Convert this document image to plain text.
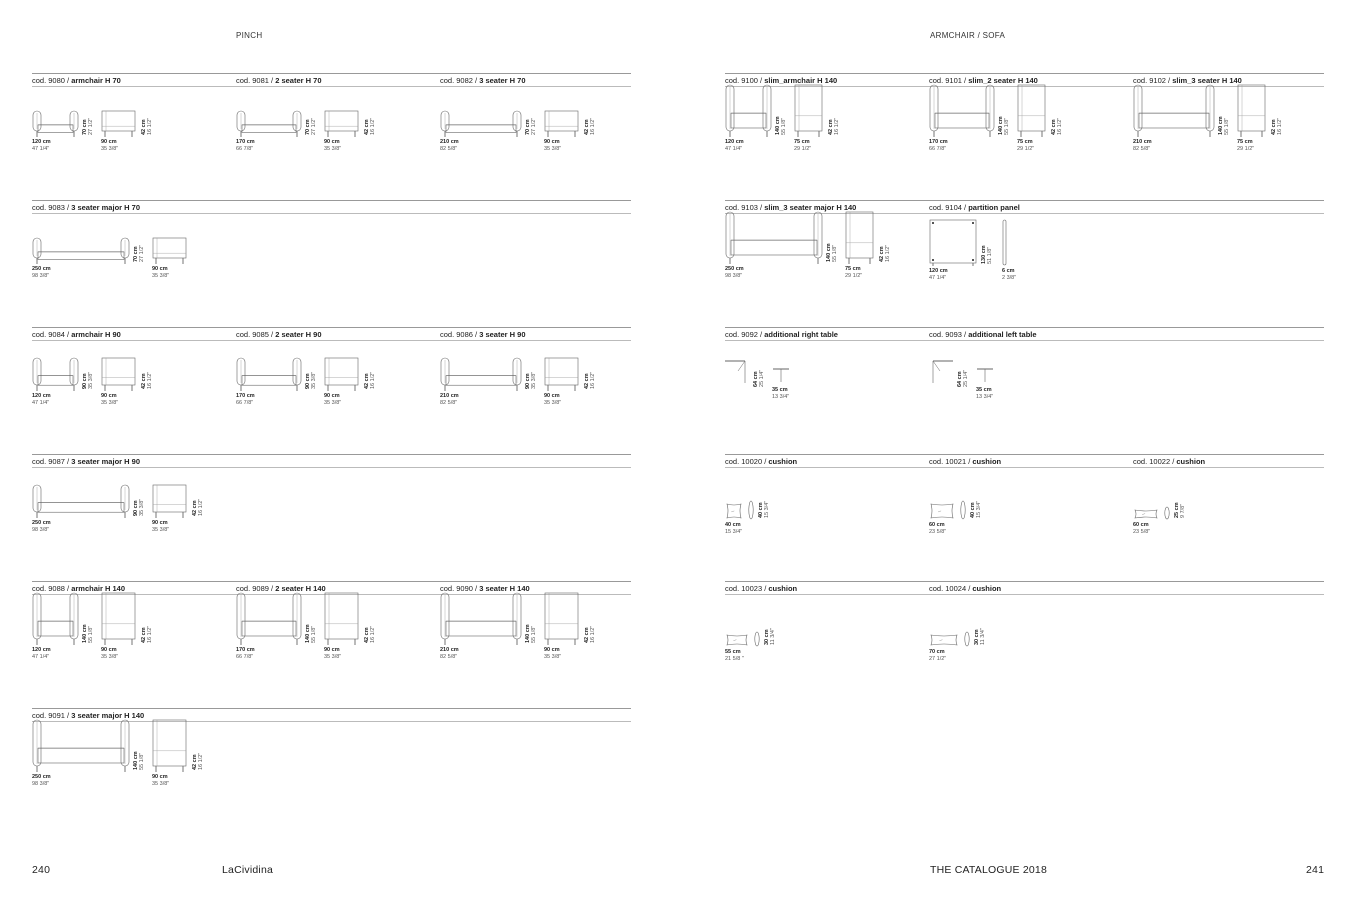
PINCH	ARMCHAIR / SOFA
cod. 9080 / armchair H 70
120 cm
47 1/4"
70 cm 27 1/2"
90 cm
35 3/8"
42 cm 16 1/2"
cod. 9081 / 2 seater H 70
170 cm
66 7/8"
70 cm 27 1/2"
90 cm
35 3/8"
42 cm 16 1/2"
cod. 9082 / 3 seater H 70
210 cm
82 5/8"
70 cm 27 1/2"
90 cm
35 3/8"
42 cm 16 1/2"
cod. 9083 / 3 seater major H 70
250 cm
98 3/8"
70 cm 27 1/2"
90 cm
35 3/8"
cod. 9084 / armchair H 90
120 cm
47 1/4"
90 cm 35 3/8"
90 cm
35 3/8"
42 cm 16 1/2"
cod. 9085 / 2 seater H 90
170 cm
66 7/8"
90 cm 35 3/8"
90 cm
35 3/8"
42 cm 16 1/2"
cod. 9086 / 3 seater H 90
210 cm
82 5/8"
90 cm 35 3/8"
90 cm
35 3/8"
42 cm 16 1/2"
cod. 9087 / 3 seater major H 90
250 cm
98 3/8"
90 cm 35 3/8"
90 cm
35 3/8"
42 cm 16 1/2"
cod. 9088 / armchair H 140
120 cm
47 1/4"
140 cm 55 1/8"
90 cm
35 3/8"
42 cm 16 1/2"
cod. 9089 / 2 seater H 140
170 cm
66 7/8"
140 cm 55 1/8"
90 cm
35 3/8"
42 cm 16 1/2"
cod. 9090 / 3 seater H 140
210 cm
82 5/8"
140 cm 55 1/8"
90 cm
35 3/8"
42 cm 16 1/2"
cod. 9091 / 3 seater major H 140
250 cm
98 3/8"
140 cm 55 1/8"
90 cm
35 3/8"
42 cm 16 1/2"
cod. 9100 / slim_armchair H 140
120 cm
47 1/4"
140 cm 55 1/8"
75 cm
29 1/2"
42 cm 16 1/2"
cod. 9101 / slim_2 seater H 140
170 cm
66 7/8"
140 cm 55 1/8"
75 cm
29 1/2"
42 cm 16 1/2"
cod. 9102 / slim_3 seater H 140
210 cm
82 5/8"
140 cm 55 1/8"
75 cm
29 1/2"
42 cm 16 1/2"
cod. 9103 / slim_3 seater major H 140
250 cm
98 3/8"
140 cm 55 1/8"
75 cm
29 1/2"
42 cm 16 1/2"
cod. 9104 / partition panel
120 cm
47 1/4"
130 cm 51 1/8"
6 cm
2 3/8"
cod. 9092 / additional right table
64 cm 25 1/4"
35 cm
13 3/4"
cod. 9093 / additional left table
64 cm 25 1/4"
35 cm
13 3/4"
cod. 10020 / cushion
40 cm
15 3/4"
40 cm 15 3/4"
cod. 10021 / cushion
60 cm
23 5/8"
40 cm 15 3/4"
cod. 10022 / cushion
60 cm
23 5/8"
25 cm 9 7/8"
cod. 10023 / cushion
55 cm
21 5/8 "
30 cm 11 3/4"
cod. 10024 / cushion
70 cm
27 1/2"
30 cm 11 3/4"
240	LaCividina	THE CATALOGUE 2018	241
